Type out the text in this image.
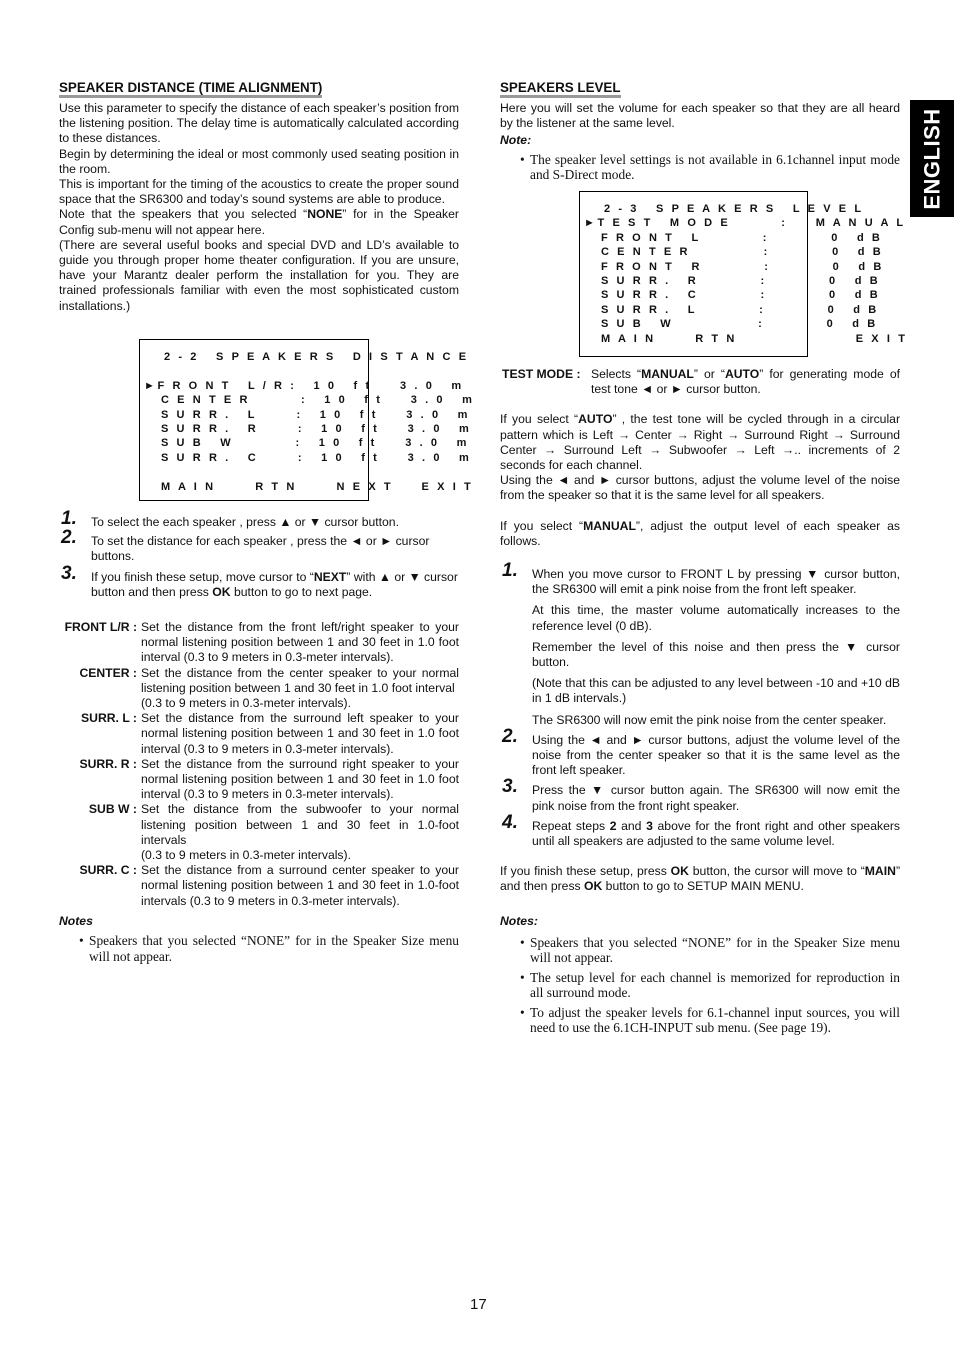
ENGLISH
SPEAKER DISTANCE (TIME ALIGNMENT)

Use this parameter to specify the distance of each speaker’s position from the listening position. The delay time is automatically calculated according to these distances.

Begin by determining the ideal or most commonly used seating position in the room.

This is important for the timing of the acoustics to create the proper sound space that the SR6300 and today’s sound systems are able to produce.

Note that the speakers that you selected “NONE” for in the Speaker Config sub-menu will not appear here.

(There are several useful books and special DVD and LD’s available to guide you through proper home theater configuration. If you are unsure, have your Marantz dealer perform the installation for you. They are trained professionals familiar with even the most sophisticated custom installations.)

2 - 2   S P E A K E R S   D I S T A N C E
►F R O N T   L / R :   1 0   f t     3 . 0   m
C E N T E R         :   1 0   f t     3 . 0   m
S U R R .   L       :   1 0   f t     3 . 0   m
S U R R .   R       :   1 0   f t     3 . 0   m
S U B   W           :   1 0   f t     3 . 0   m
S U R R .   C       :   1 0   f t     3 . 0   m
M A I N       R T N       N E X T     E X I T

1. To select the each speaker , press ▲ or ▼ cursor button.

2. To set the distance for each speaker , press the ◄ or ► cursor buttons.

3. If you finish these setup, move cursor to “NEXT” with ▲ or ▼ cursor button and then press OK button to go to next page.

FRONT L/R : Set the distance from the front left/right speaker to your normal listening position between 1 and 30 feet in 1.0 foot interval (0.3 to 9 meters in 0.3-meter intervals).

CENTER : Set the distance from the center speaker to your normal listening position between 1 and 30 feet in 1.0 foot interval
(0.3 to 9 meters in 0.3-meter intervals).

SURR. L : Set the distance from the surround left speaker to your normal listening position between 1 and 30 feet in 1.0 foot interval (0.3 to 9 meters in 0.3-meter intervals).

SURR. R : Set the distance from the surround right speaker to your normal listening position between 1 and 30 feet in 1.0 foot interval (0.3 to 9 meters in 0.3-meter intervals).

SUB W : Set the distance from the subwoofer to your normal listening position between 1 and 30 feet in 1.0-foot intervals
(0.3 to 9 meters in 0.3-meter intervals).

SURR. C : Set the distance from a surround center speaker to your normal listening position between 1 and 30 feet in 1.0-foot intervals (0.3 to 9 meters in 0.3-meter intervals).

Notes

• Speakers that you selected “NONE” for in the Speaker Size menu will not appear.

SPEAKERS LEVEL

Here you will set the volume for each speaker so that they are all heard by the listener at the same level.

Note:

• The speaker level settings is not available in 6.1channel input mode and S-Direct mode.

2 - 3   S P E A K E R S   L E V E L
►T E S T   M O D E         :     M A N U A L
F R O N T   L           :           0   d B
C E N T E R             :           0   d B
F R O N T   R           :           0   d B
S U R R .   R           :           0   d B
S U R R .   C           :           0   d B
S U R R .   L           :           0   d B
S U B   W               :           0   d B
M A I N       R T N                     E X I T

TEST MODE : Selects “MANUAL” or “AUTO” for generating mode of test tone ◄ or ► cursor button.

If you select “AUTO” , the test tone will be cycled through in a circular pattern which is Left → Center → Right → Surround Right → Surround Center → Surround Left → Subwoofer → Left →.. increments of 2 seconds for each channel.

Using the ◄ and ► cursor buttons, adjust the volume level of the noise from the speaker so that it is the same level for all speakers.

If you select “MANUAL”, adjust the output level of each speaker as follows.

1. When you move cursor to FRONT L by pressing ▼ cursor button, the SR6300 will emit a pink noise from the front left speaker.

At this time, the master volume automatically increases to the reference level (0 dB).

Remember the level of this noise and then press the ▼ cursor button.

(Note that this can be adjusted to any level between -10 and +10 dB in 1 dB intervals.)

The SR6300 will now emit the pink noise from the center speaker.

2. Using the ◄ and ► cursor buttons, adjust the volume level of the noise from the center speaker so that it is the same level as the front left speaker.

3. Press the ▼ cursor button again. The SR6300 will now emit the pink noise from the front right speaker.

4. Repeat steps 2 and 3 above for the front right and other speakers until all speakers are adjusted to the same volume level.

If you finish these setup, press OK button, the cursor will move to “MAIN” and then press OK button to go to SETUP MAIN MENU.

Notes:

• Speakers that you selected “NONE” for in the Speaker Size menu will not appear.

• The setup level for each channel is memorized for reproduction in all surround mode.

• To adjust the speaker levels for 6.1-channel input sources, you will need to use the 6.1CH-INPUT sub menu. (See page 19).

17
